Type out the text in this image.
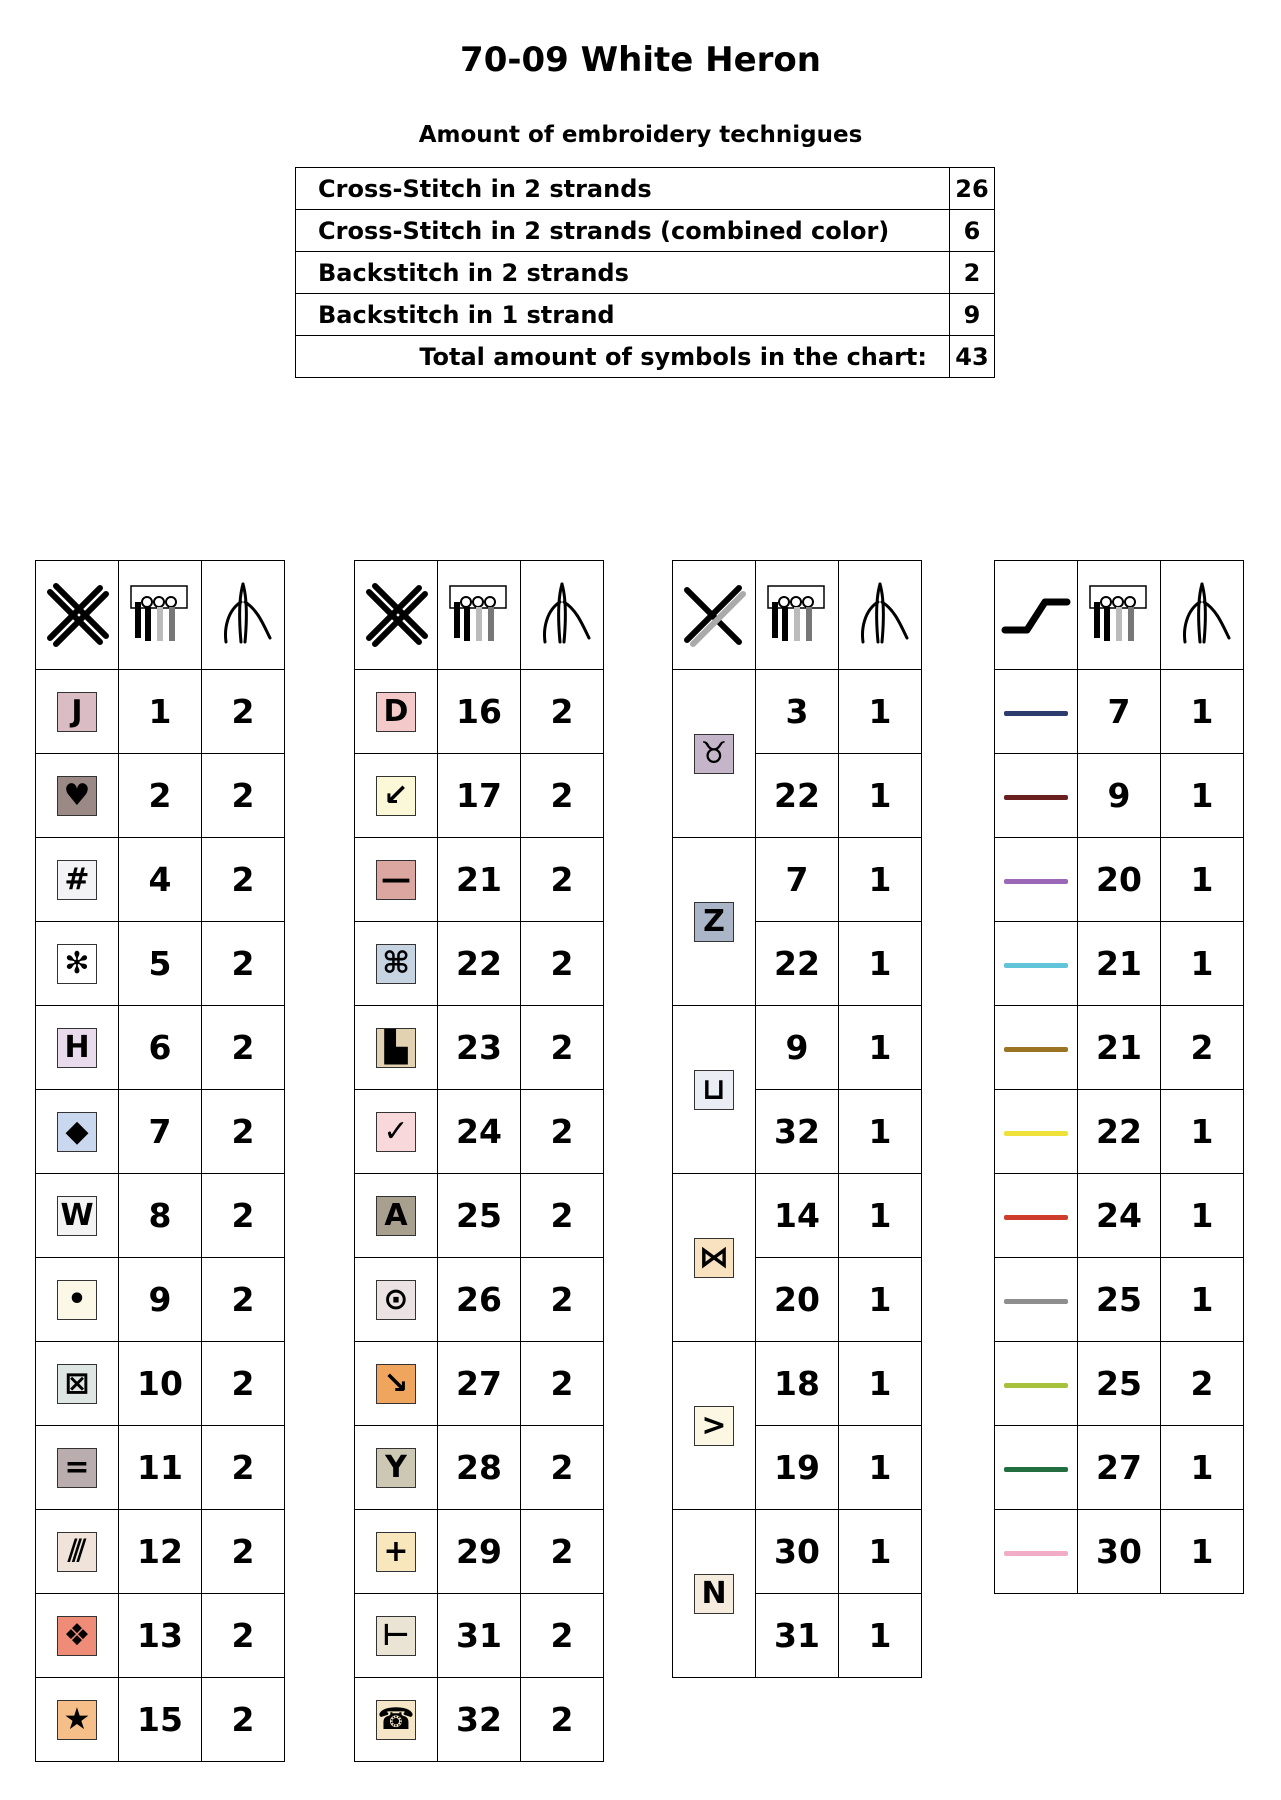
70-09 White Heron
Amount of embroidery technigues
Cross-Stitch in 2 strands	26
Cross-Stitch in 2 strands (combined color)	6
Backstitch in 2 strands	2
Backstitch in 1 strand	9
Total amount of symbols in the chart:	43

J	1	2
♥	2	2
#	4	2
✻	5	2
H	6	2
◆	7	2
W	8	2
•	9	2
⊠	10	2
=	11	2
⫻	12	2
❖	13	2
★	15	2

D	16	2
↙	17	2
—	21	2
⌘	22	2
▙	23	2
✓	24	2
A	25	2
⊙	26	2
↘	27	2
Y	28	2
+	29	2
⊢	31	2
☎	32	2

♉	3	1
	22	1
Z	7	1
	22	1
⊔	9	1
	32	1
⋈	14	1
	20	1
>	18	1
	19	1
N	30	1
	31	1

	7	1
	9	1
	20	1
	21	1
	21	2
	22	1
	24	1
	25	1
	25	2
	27	1
	30	1
